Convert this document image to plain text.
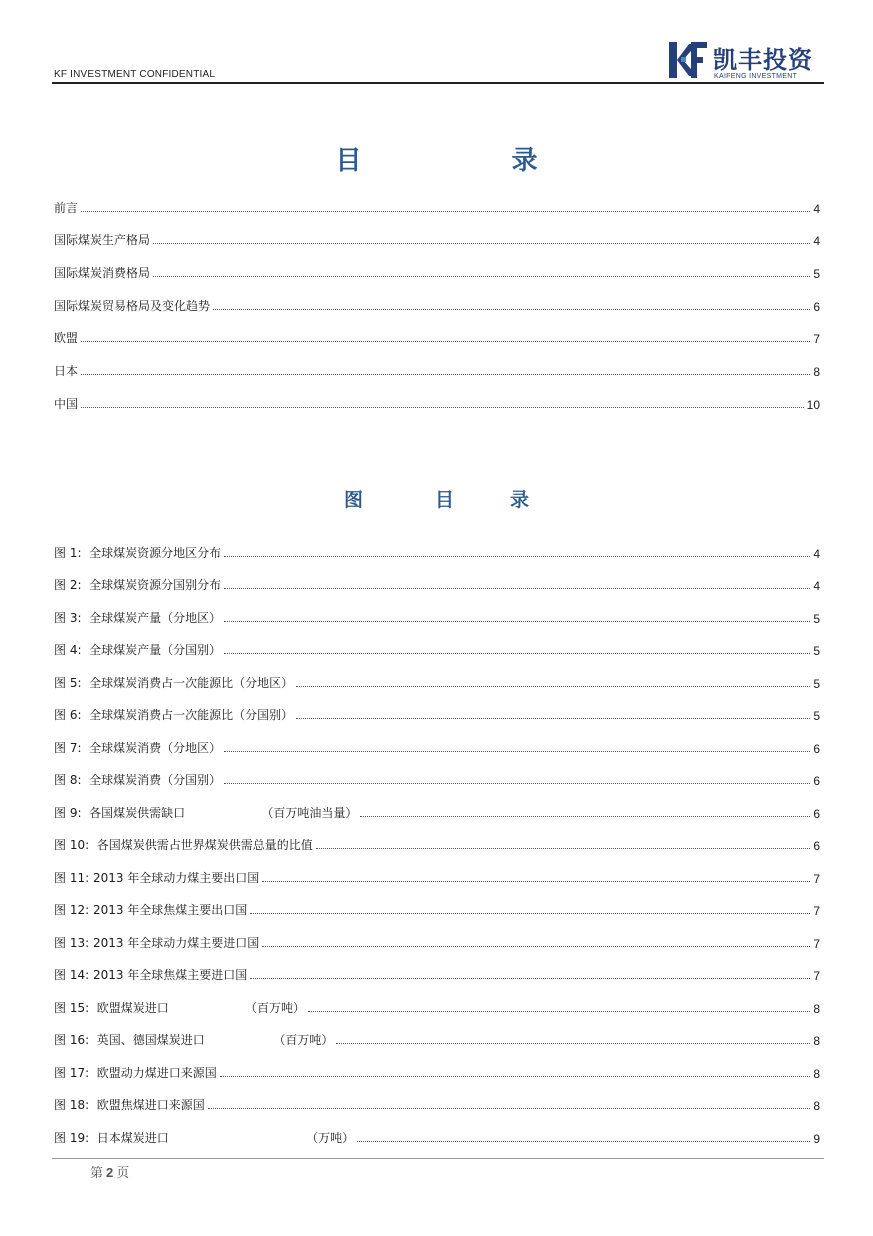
KF INVESTMENT CONFIDENTIAL
凯丰投资
KAIFENG INVESTMENT
目	录
前言	4
国际煤炭生产格局	4
国际煤炭消费格局	5
国际煤炭贸易格局及变化趋势	6
欧盟	7
日本	8
中国	10
图	目	录
图 1:  全球煤炭资源分地区分布	4
图 2:  全球煤炭资源分国别分布	4
图 3:  全球煤炭产量（分地区）	5
图 4:  全球煤炭产量（分国别）	5
图 5:  全球煤炭消费占一次能源比（分地区）	5
图 6:  全球煤炭消费占一次能源比（分国别）	5
图 7:  全球煤炭消费（分地区）	6
图 8:  全球煤炭消费（分国别）	6
图 9:  各国煤炭供需缺口                    （百万吨油当量）	6
图 10:  各国煤炭供需占世界煤炭供需总量的比值	6
图 11: 2013 年全球动力煤主要出口国	7
图 12: 2013 年全球焦煤主要出口国	7
图 13: 2013 年全球动力煤主要进口国	7
图 14: 2013 年全球焦煤主要进口国	7
图 15:  欧盟煤炭进口                    （百万吨）	8
图 16:  英国、德国煤炭进口                  （百万吨）	8
图 17:  欧盟动力煤进口来源国	8
图 18:  欧盟焦煤进口来源国	8
图 19:  日本煤炭进口                                    （万吨）	9
第 2 页
